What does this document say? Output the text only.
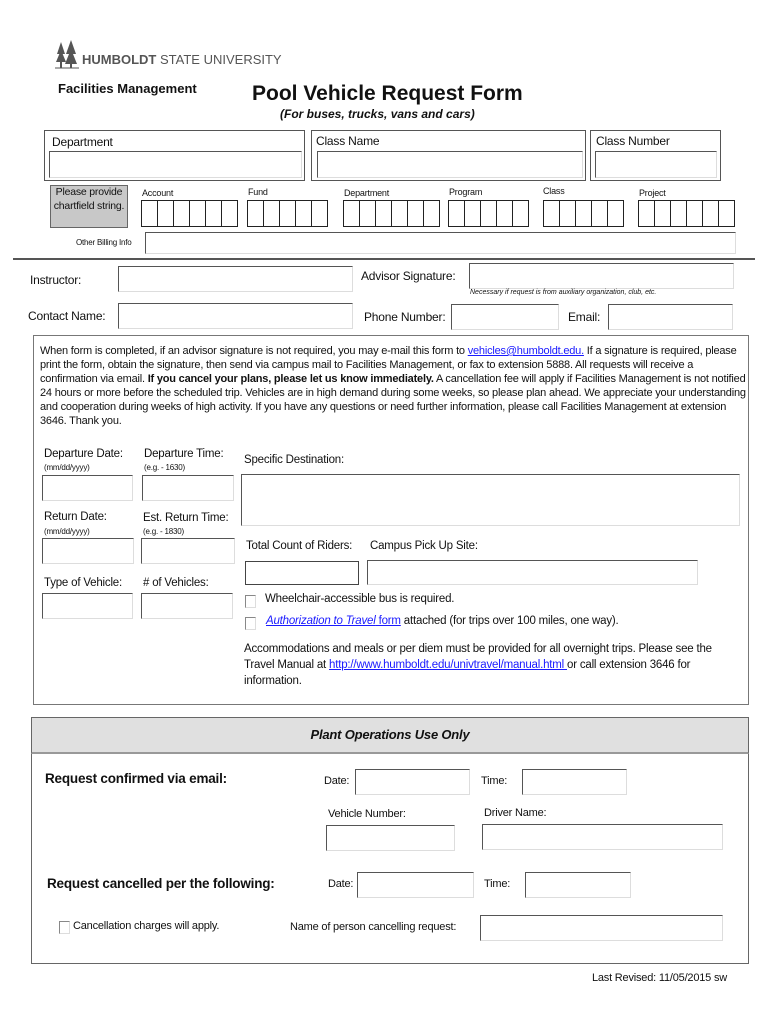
HUMBOLDT STATE UNIVERSITY
Facilities Management	Pool Vehicle Request Form
(For buses, trucks, vans and cars)
Department	Class Name	Class Number
Please provide chartfield string.
Account	Fund	Department	Program	Class	Project
Other Billing Info
Instructor:	Advisor Signature:
Necessary if request is from auxiliary organization, club, etc.
Contact Name:	Phone Number:	Email:
When form is completed, if an advisor signature is not required, you may e-mail this form to vehicles@humboldt.edu. If a signature is required, please print the form, obtain the signature, then send via campus mail to Facilities Management, or fax to extension 5888. All requests will receive a confirmation via email. If you cancel your plans, please let us know immediately. A cancellation fee will apply if Facilities Management is not notified 24 hours or more before the scheduled trip. Vehicles are in high demand during some weeks, so please plan ahead. We appreciate your understanding and cooperation during weeks of high activity. If you have any questions or need further information, please call Facilities Management at extension 3646. Thank you.
Departure Date:
(mm/dd/yyyy)
Departure Time:
(e.g. - 1630)
Specific Destination:
Return Date:
(mm/dd/yyyy)
Est. Return Time:
(e.g. - 1830)
Total Count of Riders: Campus Pick Up Site:
Type of Vehicle: # of Vehicles:
Wheelchair-accessible bus is required.
Authorization to Travel form attached (for trips over 100 miles, one way).
Accommodations and meals or per diem must be provided for all overnight trips. Please see the Travel Manual at http://www.humboldt.edu/univtravel/manual.html or call extension 3646 for information.
Plant Operations Use Only
Request confirmed via email:	Date:	Time:
Vehicle Number:	Driver Name:
Request cancelled per the following:	Date:	Time:
Cancellation charges will apply.	Name of person cancelling request:
Last Revised: 11/05/2015 sw
